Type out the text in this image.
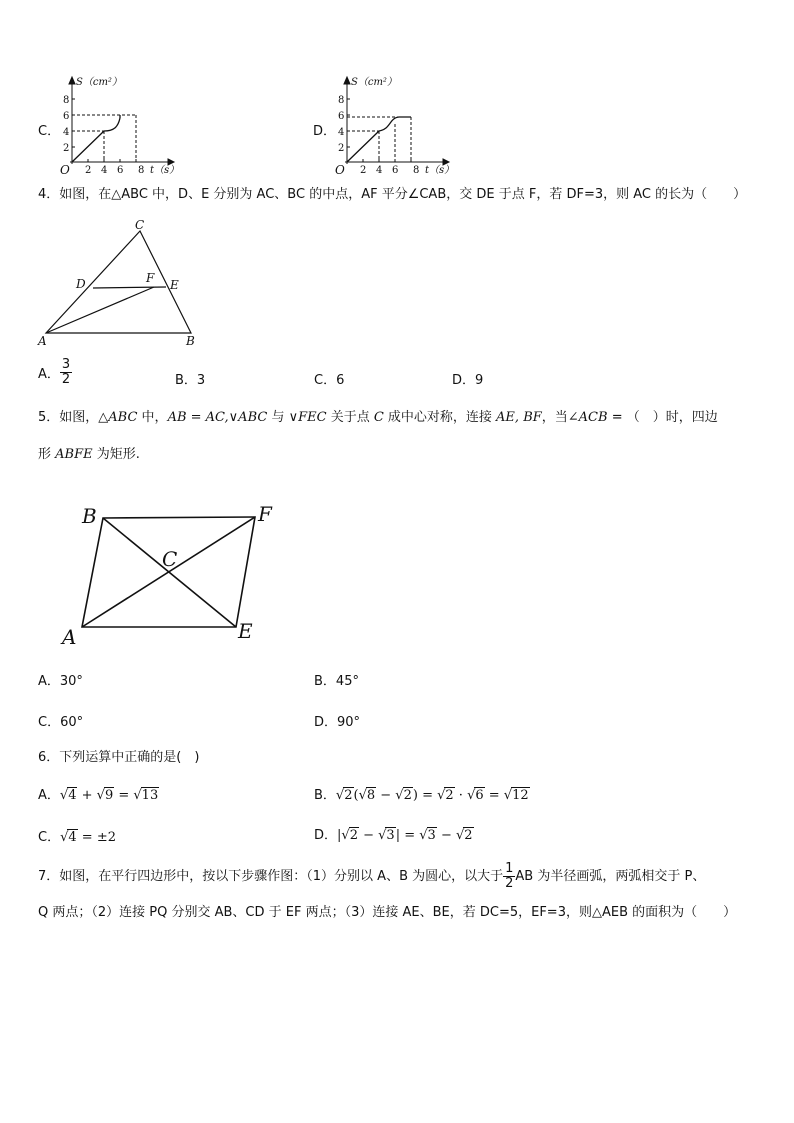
C．
S（cm²）
8
6
4
2
O 2 4 6 8 t（s）
D．
S（cm²）
8
6
4
2
O 2 4 6 8 t（s）
4．如图，在△ABC 中，D、E 分别为 AC、BC 的中点，AF 平分∠CAB，交 DE 于点 F，若 DF=3，则 AC 的长为（　　）
C
D	F E
A	B
A． $\frac{3}{2}$	B．3	C．6	D．9
5．如图，△ABC 中，AB = AC,∨ABC 与 ∨FEC 关于点 C 成中心对称，连接 AE, BF，当∠ACB = （　）时，四边
形 ABFE 为矩形.
B	F
C
A	E
A．30°	B．45°
C．60°	D．90°
6．下列运算中正确的是(　)
A．√4 + √9 = √13	B．√2(√8 − √2) = √2 · √6 = √12
C．√4 = ±2	D．|√2 − √3| = √3 − √2
7．如图，在平行四边形中，按以下步骤作图：（1）分别以 A、B 为圆心，以大于 $\frac{1}{2}$ AB 为半径画弧，两弧相交于 P、
Q 两点；（2）连接 PQ 分别交 AB、CD 于 EF 两点；（3）连接 AE、BE，若 DC=5，EF=3，则△AEB 的面积为（　　）
